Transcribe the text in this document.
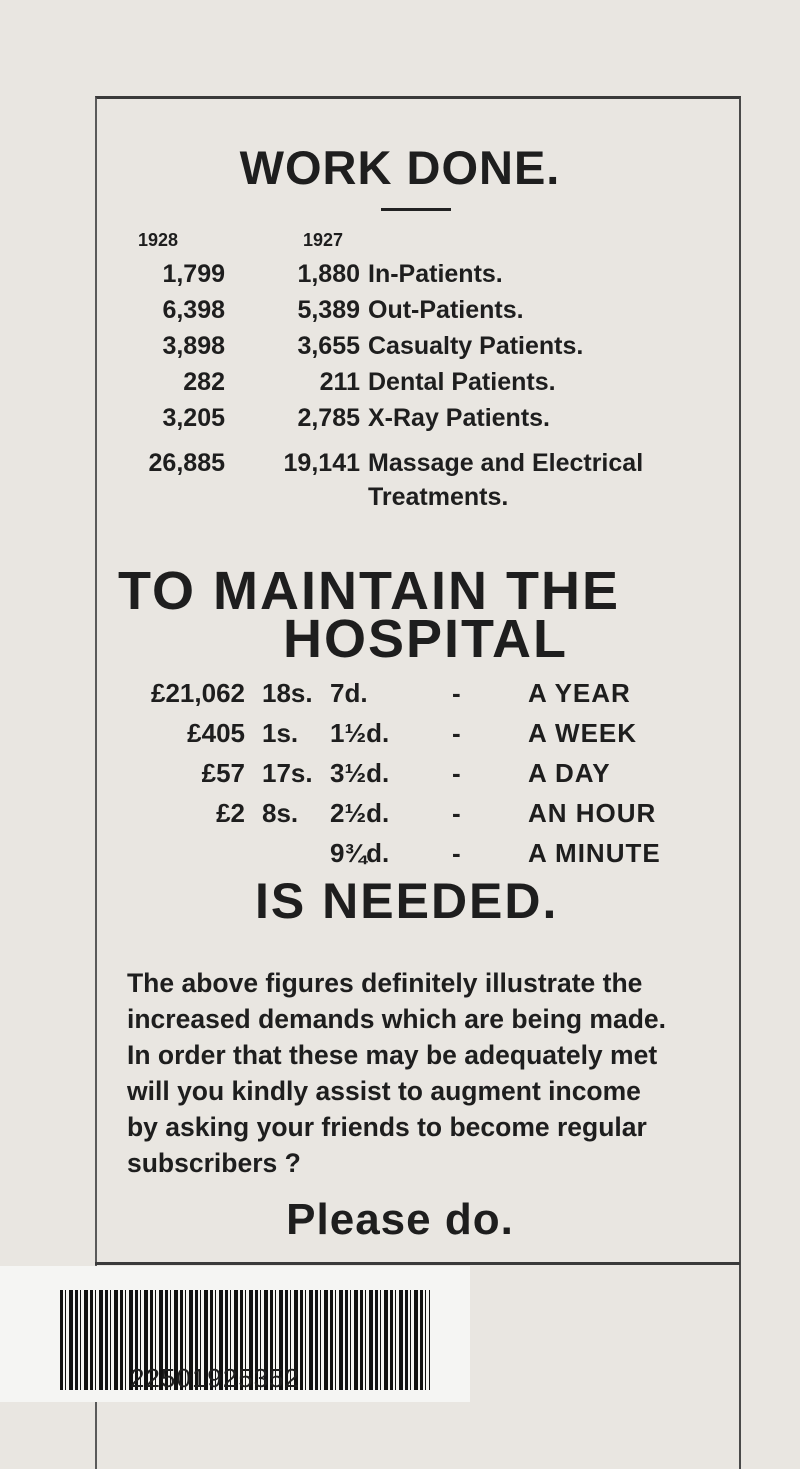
WORK DONE.
1928	1927
1,799	1,880 In-Patients.
6,398	5,389 Out-Patients.
3,898	3,655 Casualty Patients.
282	211 Dental Patients.
3,205	2,785 X-Ray Patients.
26,885 19,141 Massage and Electrical
Treatments.
TO MAINTAIN THE
HOSPITAL
£21,062 18s. 7d.	-	A YEAR
£405 1s. 1½d. -	A WEEK
£57 17s. 3½d. -	A DAY
£2 8s. 2½d. -	AN HOUR
9¾d. -	A MINUTE
IS NEEDED.
The above figures definitely illustrate the
increased demands which are being made.
In order that these may be adequately met
will you kindly assist to augment income
by asking your friends to become regular
subscribers ?
Please do.
22501925352
